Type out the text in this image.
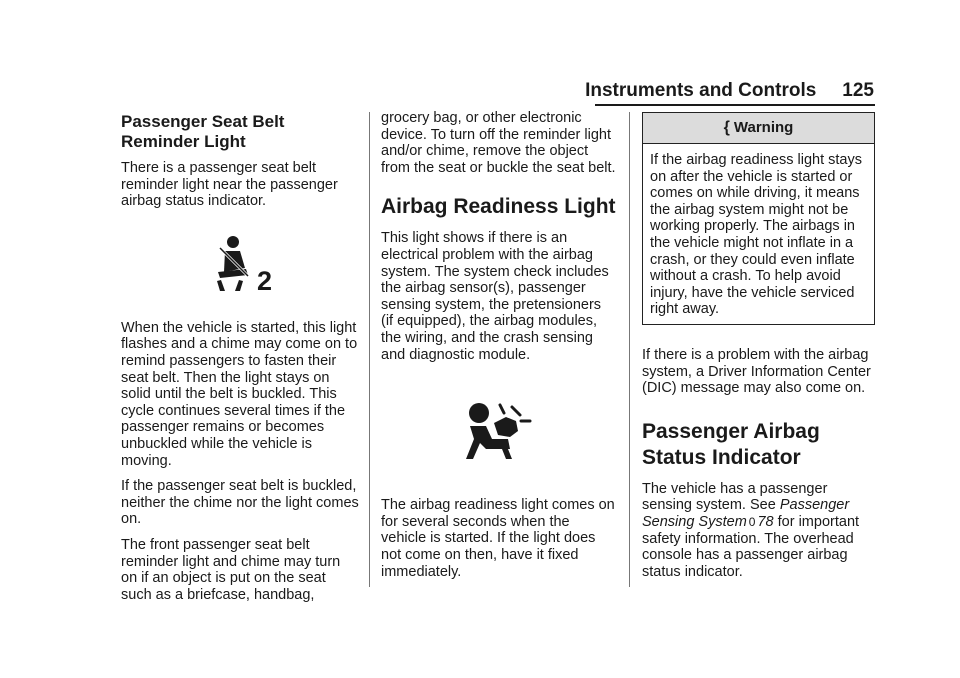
Instruments and Controls 125
Passenger Seat Belt Reminder Light

There is a passenger seat belt reminder light near the passenger airbag status indicator.

2

When the vehicle is started, this light flashes and a chime may come on to remind passengers to fasten their seat belt. Then the light stays on solid until the belt is buckled. This cycle continues several times if the passenger remains or becomes unbuckled while the vehicle is moving.

If the passenger seat belt is buckled, neither the chime nor the light comes on.

The front passenger seat belt reminder light and chime may turn on if an object is put on the seat such as a briefcase, handbag,

grocery bag, or other electronic device. To turn off the reminder light and/or chime, remove the object from the seat or buckle the seat belt.

Airbag Readiness Light

This light shows if there is an electrical problem with the airbag system. The system check includes the airbag sensor(s), passenger sensing system, the pretensioners (if equipped), the airbag modules, the wiring, and the crash sensing and diagnostic module.

The airbag readiness light comes on for several seconds when the vehicle is started. If the light does not come on then, have it fixed immediately.

{ Warning
If the airbag readiness light stays on after the vehicle is started or comes on while driving, it means the airbag system might not be working properly. The airbags in the vehicle might not inflate in a crash, or they could even inflate without a crash. To help avoid injury, have the vehicle serviced right away.

If there is a problem with the airbag system, a Driver Information Center (DIC) message may also come on.

Passenger Airbag Status Indicator

The vehicle has a passenger sensing system. See Passenger Sensing System 0 78 for important safety information. The overhead console has a passenger airbag status indicator.
